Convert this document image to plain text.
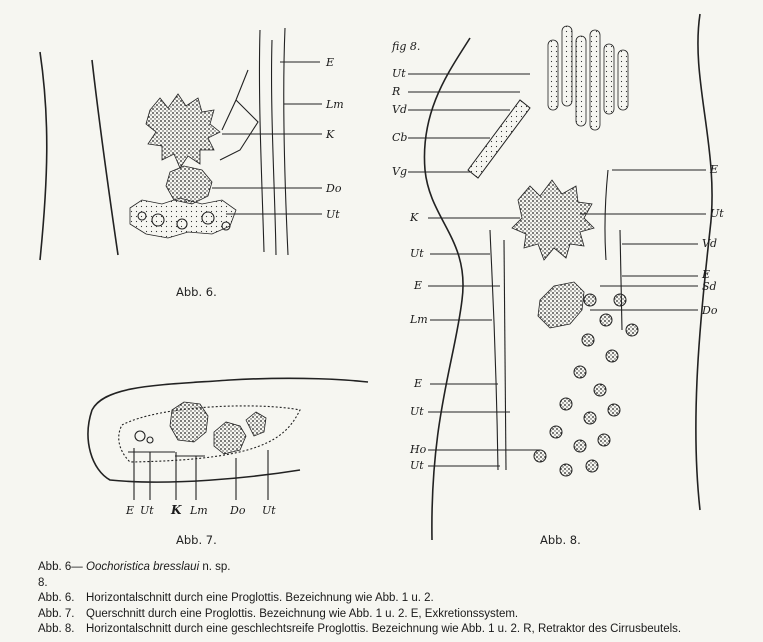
E
Lm
K
Do
Ut
Abb. 6.
E Ut K Lm Do Ut
Abb. 7.
fig 8.
Ut
R
Vd
Cb
Vg
K
Ut
E
Lm
E
Ut
Ho
Ut
E
Ut
Vd
E
Sd
Do
Abb. 8.
Abb. 6—8.
Oochoristica bresslaui n. sp.
Abb. 6.	Horizontalschnitt durch eine Proglottis. Bezeichnung wie Abb. 1 u. 2.
Abb. 7.	Querschnitt durch eine Proglottis. Bezeichnung wie Abb. 1 u. 2. E, Exkretionssystem.
Abb. 8.	Horizontalschnitt durch eine geschlechtsreife Proglottis. Bezeichnung wie Abb. 1 u. 2. R, Retraktor des Cirrusbeutels.
